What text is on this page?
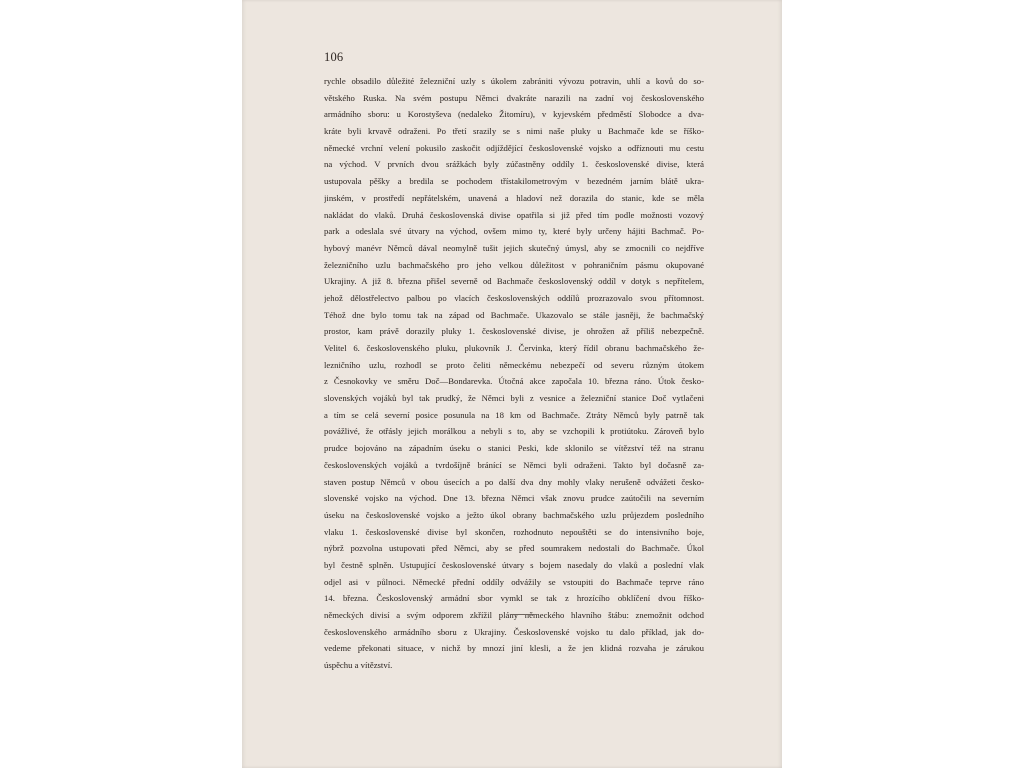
106
rychle obsadilo důležité železniční uzly s úkolem zabrániti vývozu potravin, uhlí a kovů do so-
větského Ruska. Na svém postupu Němci dvakráte narazili na zadní voj československého
armádního sboru: u Korostyševa (nedaleko Žitomíru), v kyjevském předměstí Slobodce a dva-
kráte byli krvavě odraženi. Po třetí srazily se s nimi naše pluky u Bachmače kde se říško-
německé vrchní velení pokusilo zaskočit odjíždějící československé vojsko a odříznouti mu cestu
na východ. V prvních dvou srážkách byly zúčastněny oddíly 1. československé divise, která
ustupovala pěšky a bredila se pochodem třístakilometrovým v bezedném jarním blátě ukra-
jinském, v prostředí nepřátelském, unavená a hladoví než dorazila do stanic, kde se měla
nakládat do vlaků. Druhá československá divise opatřila si již před tím podle možnosti vozový
park a odeslala své útvary na východ, ovšem mimo ty, které byly určeny hájiti Bachmač. Po-
hybový manévr Němců dával neomylně tušit jejich skutečný úmysl, aby se zmocnili co nejdříve
železničního uzlu bachmačského pro jeho velkou důležitost v pohraničním pásmu okupované
Ukrajiny. A již 8. března přišel severně od Bachmače československý oddíl v dotyk s nepřítelem,
jehož dělostřelectvo palbou po vlacích československých oddílů prozrazovalo svou přítomnost.
Téhož dne bylo tomu tak na západ od Bachmače. Ukazovalo se stále jasněji, že bachmačský
prostor, kam právě dorazily pluky 1. československé divise, je ohrožen až příliš nebezpečně.
Velitel 6. československého pluku, plukovník J. Červinka, který řídil obranu bachmačského že-
lezničního uzlu, rozhodl se proto čeliti německému nebezpečí od severu různým útokem
z Česnokovky ve směru Doč—Bondarevka. Útočná akce započala 10. března ráno. Útok česko-
slovenských vojáků byl tak prudký, že Němci byli z vesnice a železniční stanice Doč vytlačeni
a tím se celá severní posice posunula na 18 km od Bachmače. Ztráty Němců byly patrně tak
povážlivé, že otřásly jejich morálkou a nebyli s to, aby se vzchopili k protiútoku. Zároveň bylo
prudce bojováno na západním úseku o stanici Peski, kde sklonilo se vítězství též na stranu
československých vojáků a tvrdošíjně bránící se Němci byli odraženi. Takto byl dočasně za-
staven postup Němců v obou úsecích a po další dva dny mohly vlaky nerušeně odvážeti česko-
slovenské vojsko na východ. Dne 13. března Němci však znovu prudce zaútočili na severním
úseku na československé vojsko a ježto úkol obrany bachmačského uzlu průjezdem posledního
vlaku 1. československé divise byl skončen, rozhodnuto nepouštěti se do intensivního boje,
nýbrž pozvolna ustupovati před Němci, aby se před soumrakem nedostali do Bachmače. Úkol
byl čestně splněn. Ustupující československé útvary s bojem nasedaly do vlaků a poslední vlak
odjel asi v půlnoci. Německé přední oddíly odvážily se vstoupiti do Bachmače teprve ráno
14. března. Československý armádní sbor vymkl se tak z hrozícího obklíčení dvou říško-
německých divisí a svým odporem zkřížil plány německého hlavního štábu: znemožnit odchod
československého armádního sboru z Ukrajiny. Československé vojsko tu dalo příklad, jak do-
vedeme překonati situace, v nichž by mnozí jiní klesli, a že jen klidná rozvaha je zárukou
úspěchu a vítězství.
